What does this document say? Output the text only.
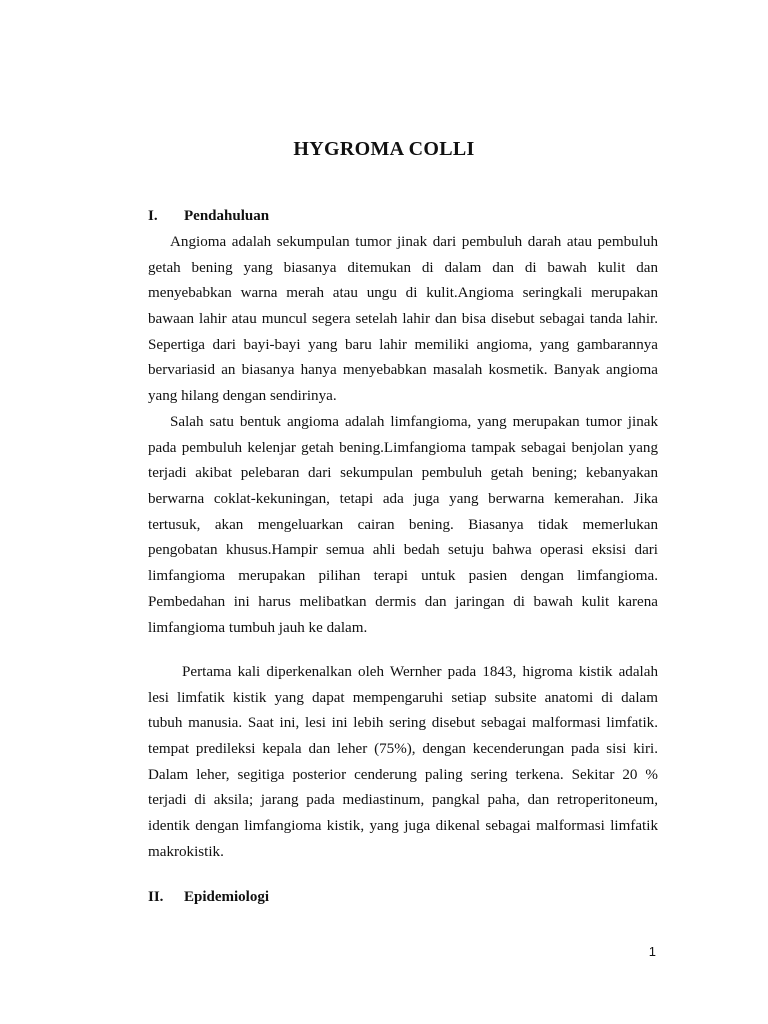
HYGROMA COLLI
I. Pendahuluan
Angioma adalah sekumpulan tumor jinak dari pembuluh darah atau pembuluh
getah bening yang biasanya ditemukan di dalam dan di bawah kulit dan
menyebabkan warna merah atau ungu di kulit.Angioma seringkali merupakan
bawaan lahir atau muncul segera setelah lahir dan bisa disebut sebagai tanda lahir.
Sepertiga dari bayi-bayi yang baru lahir memiliki angioma, yang gambarannya
bervariasid an biasanya hanya menyebabkan masalah kosmetik. Banyak angioma
yang hilang dengan sendirinya.
Salah satu bentuk angioma adalah limfangioma, yang merupakan tumor jinak
pada pembuluh kelenjar getah bening.Limfangioma tampak sebagai benjolan yang
terjadi akibat pelebaran dari sekumpulan pembuluh getah bening; kebanyakan
berwarna coklat-kekuningan, tetapi ada juga yang berwarna kemerahan. Jika
tertusuk, akan mengeluarkan cairan bening. Biasanya tidak memerlukan
pengobatan khusus.Hampir semua ahli bedah setuju bahwa operasi eksisi dari
limfangioma merupakan pilihan terapi untuk pasien dengan limfangioma.
Pembedahan ini harus melibatkan dermis dan jaringan di bawah kulit karena
limfangioma tumbuh jauh ke dalam.
Pertama kali diperkenalkan oleh Wernher pada 1843, higroma kistik adalah
lesi limfatik kistik yang dapat mempengaruhi setiap subsite anatomi di dalam
tubuh manusia. Saat ini, lesi ini lebih sering disebut sebagai malformasi limfatik.
tempat predileksi kepala dan leher (75%), dengan kecenderungan pada sisi kiri.
Dalam leher, segitiga posterior cenderung paling sering terkena. Sekitar 20 %
terjadi di aksila; jarang pada mediastinum, pangkal paha, dan retroperitoneum,
identik dengan limfangioma kistik, yang juga dikenal sebagai malformasi limfatik
makrokistik.
II. Epidemiologi
1
